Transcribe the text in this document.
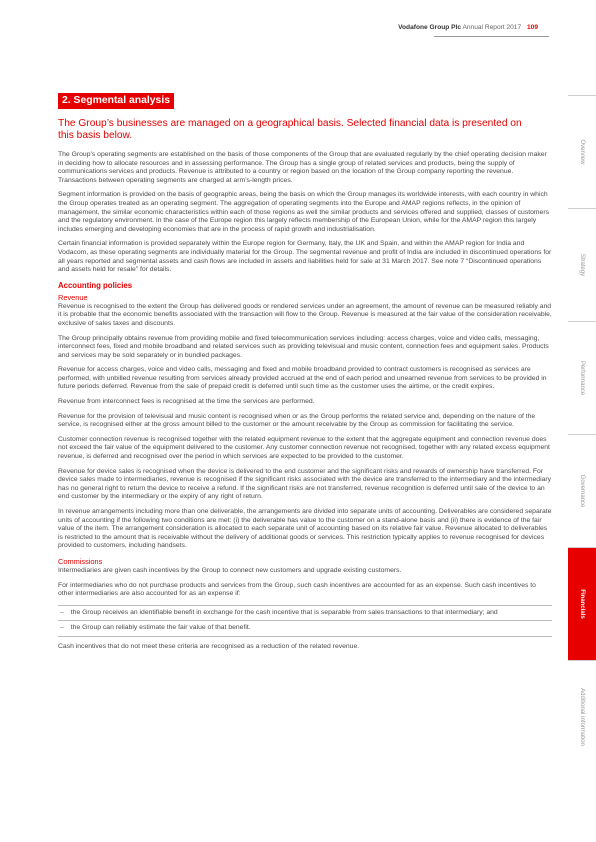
Vodafone Group Plc Annual Report 2017 109
2. Segmental analysis

The Group’s businesses are managed on a geographical basis. Selected financial data is presented on this basis below.

The Group’s operating segments are established on the basis of those components of the Group that are evaluated regularly by the chief operating decision maker in deciding how to allocate resources and in assessing performance. The Group has a single group of related services and products, being the supply of communications services and products. Revenue is attributed to a country or region based on the location of the Group company reporting the revenue. Transactions between operating segments are charged at arm’s-length prices.

Segment information is provided on the basis of geographic areas, being the basis on which the Group manages its worldwide interests, with each country in which the Group operates treated as an operating segment. The aggregation of operating segments into the Europe and AMAP regions reflects, in the opinion of management, the similar economic characteristics within each of those regions as well the similar products and services offered and supplied, classes of customers and the regulatory environment. In the case of the Europe region this largely reflects membership of the European Union, while for the AMAP region this largely includes emerging and developing economies that are in the process of rapid growth and industrialisation.

Certain financial information is provided separately within the Europe region for Germany, Italy, the UK and Spain, and within the AMAP region for India and Vodacom, as these operating segments are individually material for the Group. The segmental revenue and profit of India are included in discontinued operations for all years reported and segmental assets and cash flows are included in assets and liabilities held for sale at 31 March 2017. See note 7 “Discontinued operations and assets held for resale” for details.

Accounting policies
Revenue

Revenue is recognised to the extent the Group has delivered goods or rendered services under an agreement, the amount of revenue can be measured reliably and it is probable that the economic benefits associated with the transaction will flow to the Group. Revenue is measured at the fair value of the consideration receivable, exclusive of sales taxes and discounts.

The Group principally obtains revenue from providing mobile and fixed telecommunication services including: access charges, voice and video calls, messaging, interconnect fees, fixed and mobile broadband and related services such as providing televisual and music content, connection fees and equipment sales. Products and services may be sold separately or in bundled packages.

Revenue for access charges, voice and video calls, messaging and fixed and mobile broadband provided to contract customers is recognised as services are performed, with unbilled revenue resulting from services already provided accrued at the end of each period and unearned revenue from services to be provided in future periods deferred. Revenue from the sale of prepaid credit is deferred until such time as the customer uses the airtime, or the credit expires.

Revenue from interconnect fees is recognised at the time the services are performed.

Revenue for the provision of televisual and music content is recognised when or as the Group performs the related service and, depending on the nature of the service, is recognised either at the gross amount billed to the customer or the amount receivable by the Group as commission for facilitating the service.

Customer connection revenue is recognised together with the related equipment revenue to the extent that the aggregate equipment and connection revenue does not exceed the fair value of the equipment delivered to the customer. Any customer connection revenue not recognised, together with any related excess equipment revenue, is deferred and recognised over the period in which services are expected to be provided to the customer.

Revenue for device sales is recognised when the device is delivered to the end customer and the significant risks and rewards of ownership have transferred. For device sales made to intermediaries, revenue is recognised if the significant risks associated with the device are transferred to the intermediary and the intermediary has no general right to return the device to receive a refund. If the significant risks are not transferred, revenue recognition is deferred until sale of the device to an end customer by the intermediary or the expiry of any right of return.

In revenue arrangements including more than one deliverable, the arrangements are divided into separate units of accounting. Deliverables are considered separate units of accounting if the following two conditions are met: (i) the deliverable has value to the customer on a stand-alone basis and (ii) there is evidence of the fair value of the item. The arrangement consideration is allocated to each separate unit of accounting based on its relative fair value. Revenue allocated to deliverables is restricted to the amount that is receivable without the delivery of additional goods or services. This restriction typically applies to revenue recognised for devices provided to customers, including handsets.

Commissions

Intermediaries are given cash incentives by the Group to connect new customers and upgrade existing customers.

For intermediaries who do not purchase products and services from the Group, such cash incentives are accounted for as an expense. Such cash incentives to other intermediaries are also accounted for as an expense if:

– the Group receives an identifiable benefit in exchange for the cash incentive that is separable from sales transactions to that intermediary; and
– the Group can reliably estimate the fair value of that benefit.

Cash incentives that do not meet these criteria are recognised as a reduction of the related revenue.

Overview
Strategy
Performance
Governance
Financials
Additional information
